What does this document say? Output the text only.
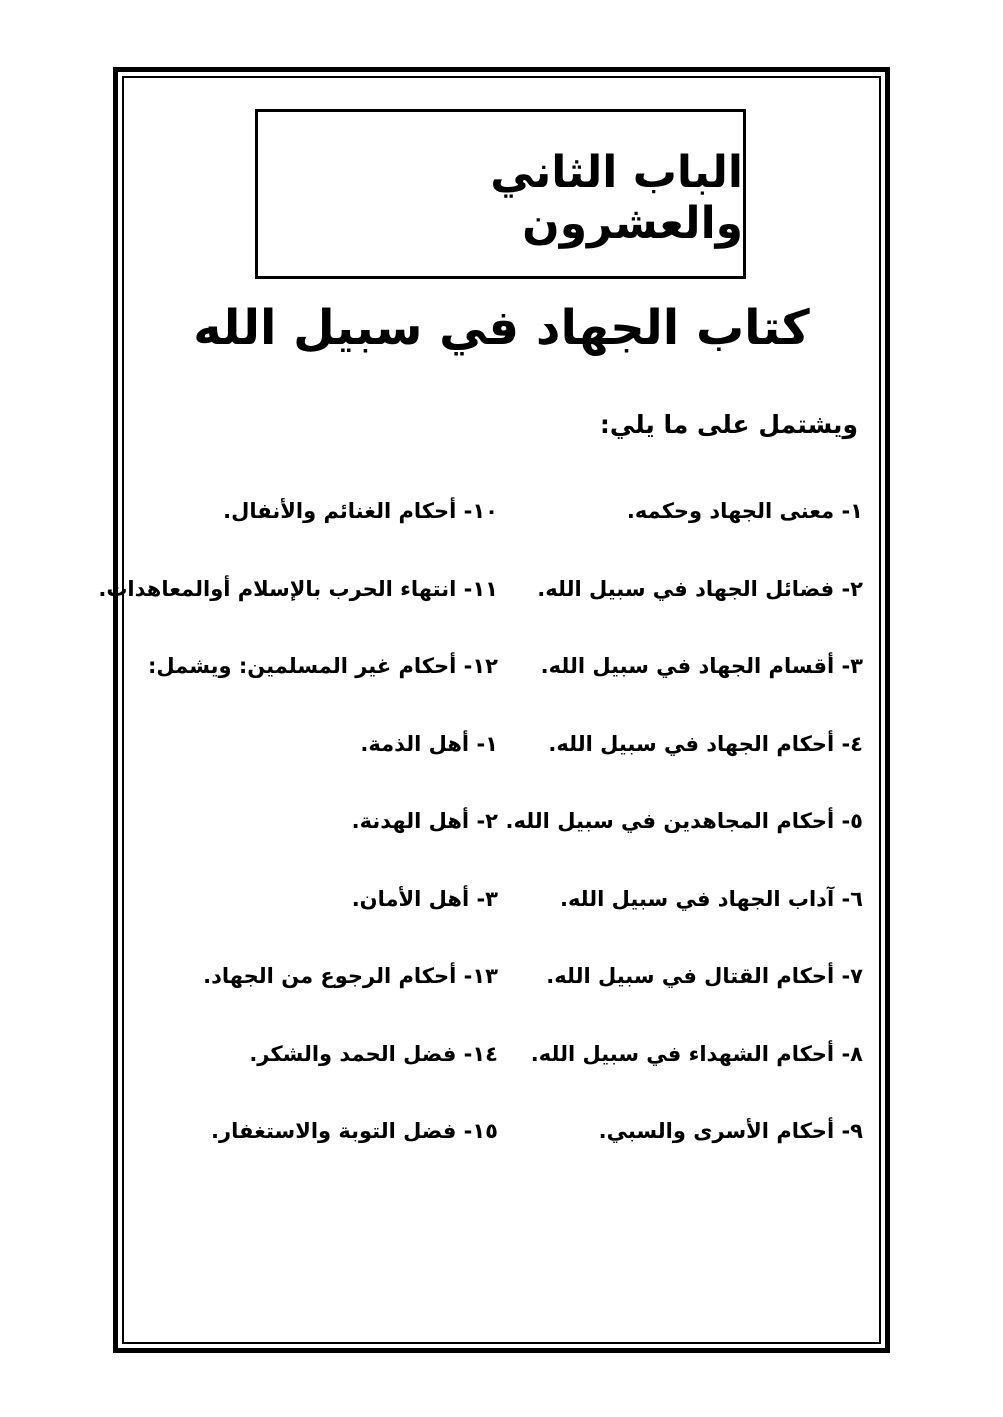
الباب الثاني والعشرون
كتاب الجهاد في سبيل الله

ويشتمل على ما يلي:

١- معنى الجهاد وحكمه.
١٠- أحكام الغنائم والأنفال.
٢- فضائل الجهاد في سبيل الله.
١١- انتهاء الحرب بالإسلام أوالمعاهدات.
٣- أقسام الجهاد في سبيل الله.
١٢- أحكام غير المسلمين: ويشمل:
٤- أحكام الجهاد في سبيل الله.
١- أهل الذمة.
٥- أحكام المجاهدين في سبيل الله.
٢- أهل الهدنة.
٦- آداب الجهاد في سبيل الله.
٣- أهل الأمان.
٧- أحكام القتال في سبيل الله.
١٣- أحكام الرجوع من الجهاد.
٨- أحكام الشهداء في سبيل الله.
١٤- فضل الحمد والشكر.
٩- أحكام الأسرى والسبي.
١٥- فضل التوبة والاستغفار.
